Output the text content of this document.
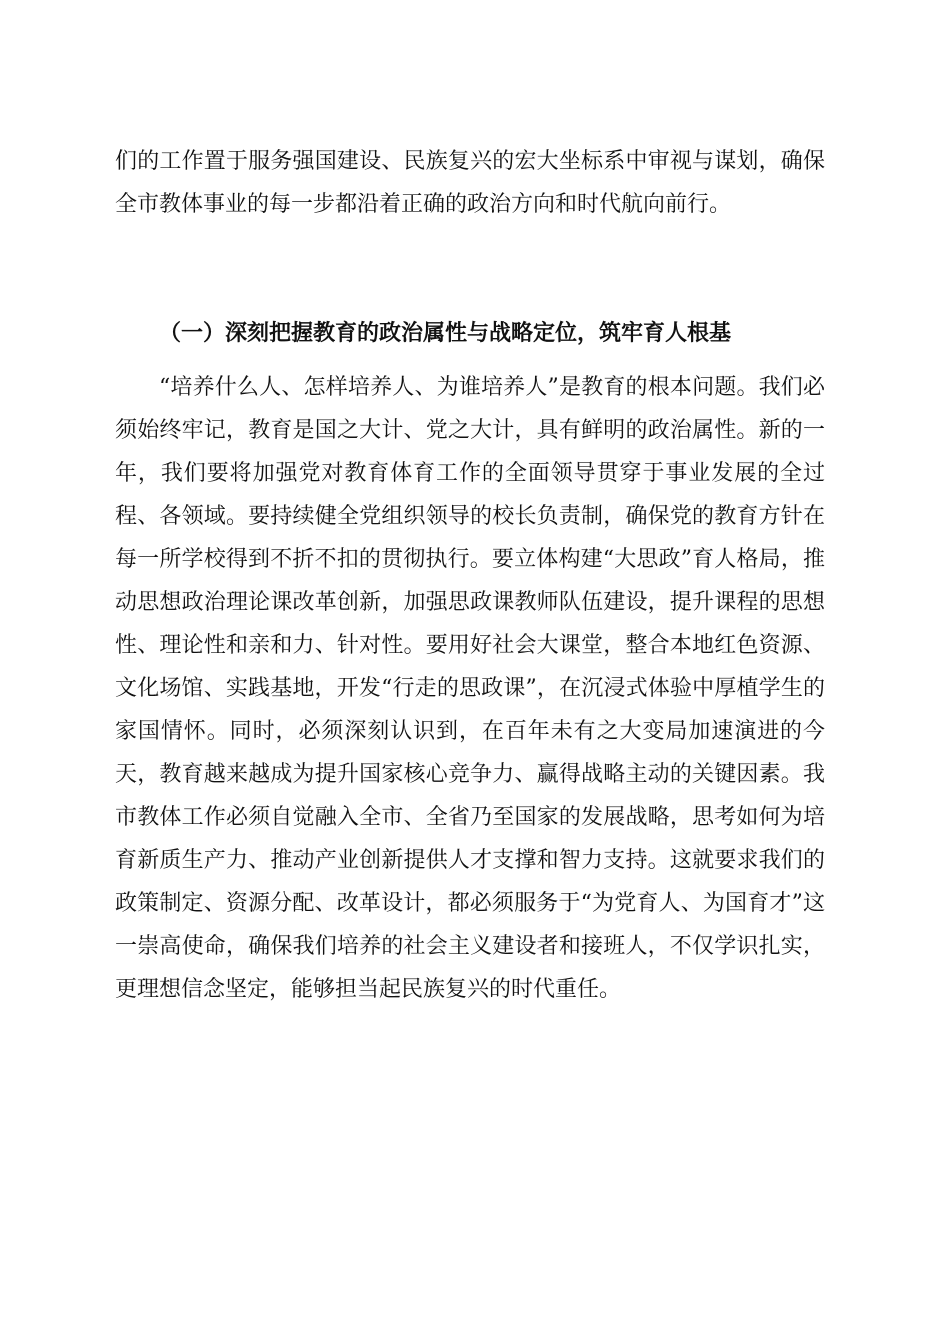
们的工作置于服务强国建设、民族复兴的宏大坐标系中审视与谋划，确保全市教体事业的每一步都沿着正确的政治方向和时代航向前行。

（一）深刻把握教育的政治属性与战略定位，筑牢育人根基

“培养什么人、怎样培养人、为谁培养人”是教育的根本问题。我们必须始终牢记，教育是国之大计、党之大计，具有鲜明的政治属性。新的一年，我们要将加强党对教育体育工作的全面领导贯穿于事业发展的全过程、各领域。要持续健全党组织领导的校长负责制，确保党的教育方针在每一所学校得到不折不扣的贯彻执行。要立体构建“大思政”育人格局，推动思想政治理论课改革创新，加强思政课教师队伍建设，提升课程的思想性、理论性和亲和力、针对性。要用好社会大课堂，整合本地红色资源、文化场馆、实践基地，开发“行走的思政课”，在沉浸式体验中厚植学生的家国情怀。同时，必须深刻认识到，在百年未有之大变局加速演进的今天，教育越来越成为提升国家核心竞争力、赢得战略主动的关键因素。我市教体工作必须自觉融入全市、全省乃至国家的发展战略，思考如何为培育新质生产力、推动产业创新提供人才支撑和智力支持。这就要求我们的政策制定、资源分配、改革设计，都必须服务于“为党育人、为国育才”这一崇高使命，确保我们培养的社会主义建设者和接班人，不仅学识扎实，更理想信念坚定，能够担当起民族复兴的时代重任。
